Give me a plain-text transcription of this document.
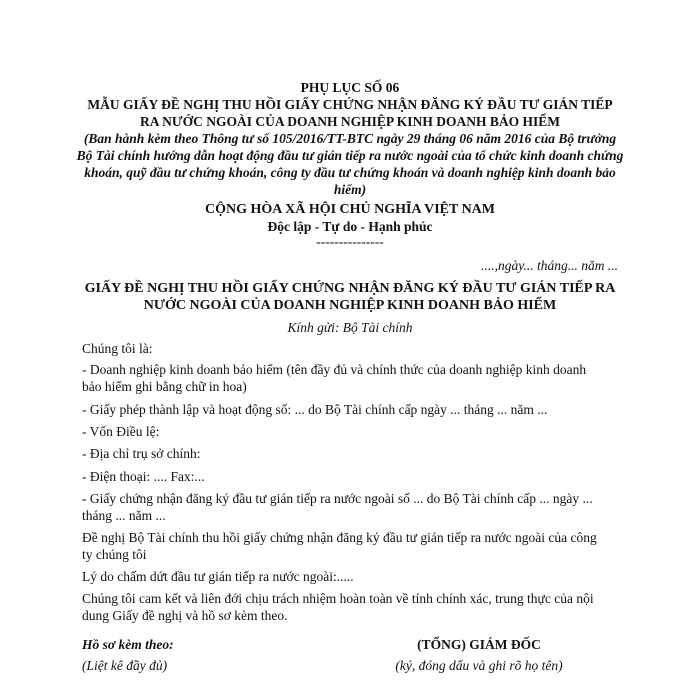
PHỤ LỤC SỐ 06
MẪU GIẤY ĐỀ NGHỊ THU HỒI GIẤY CHỨNG NHẬN ĐĂNG KÝ ĐẦU TƯ GIÁN TIẾP
RA NƯỚC NGOÀI CỦA DOANH NGHIỆP KINH DOANH BẢO HIỂM
(Ban hành kèm theo Thông tư số 105/2016/TT-BTC ngày 29 tháng 06 năm 2016 của Bộ trưởng
Bộ Tài chính hướng dẫn hoạt động đầu tư gián tiếp ra nước ngoài của tổ chức kinh doanh chứng
khoán, quỹ đầu tư chứng khoán, công ty đầu tư chứng khoán và doanh nghiệp kinh doanh bảo
hiểm)
CỘNG HÒA XÃ HỘI CHỦ NGHĨA VIỆT NAM
Độc lập - Tự do - Hạnh phúc
---------------
....,ngày... tháng... năm ...
GIẤY ĐỀ NGHỊ THU HỒI GIẤY CHỨNG NHẬN ĐĂNG KÝ ĐẦU TƯ GIÁN TIẾP RA
NƯỚC NGOÀI CỦA DOANH NGHIỆP KINH DOANH BẢO HIỂM
Kính gửi: Bộ Tài chính
Chúng tôi là:
- Doanh nghiệp kinh doanh bảo hiểm (tên đầy đủ và chính thức của doanh nghiệp kinh doanh
bảo hiểm ghi bằng chữ in hoa)
- Giấy phép thành lập và hoạt động số: ... do Bộ Tài chính cấp ngày ... tháng ... năm ...
- Vốn Điều lệ:
- Địa chỉ trụ sở chính:
- Điện thoại: .... Fax:...
- Giấy chứng nhận đăng ký đầu tư gián tiếp ra nước ngoài số ... do Bộ Tài chính cấp ... ngày ...
tháng ... năm ...
Đề nghị Bộ Tài chính thu hồi giấy chứng nhận đăng ký đầu tư gián tiếp ra nước ngoài của công
ty chúng tôi
Lý do chấm dứt đầu tư gián tiếp ra nước ngoài:.....
Chúng tôi cam kết và liên đới chịu trách nhiệm hoàn toàn về tính chính xác, trung thực của nội
dung Giấy đề nghị và hồ sơ kèm theo.
Hồ sơ kèm theo:
(Liệt kê đầy đủ)
(TỔNG) GIÁM ĐỐC
(ký, đóng dấu và ghi rõ họ tên)
